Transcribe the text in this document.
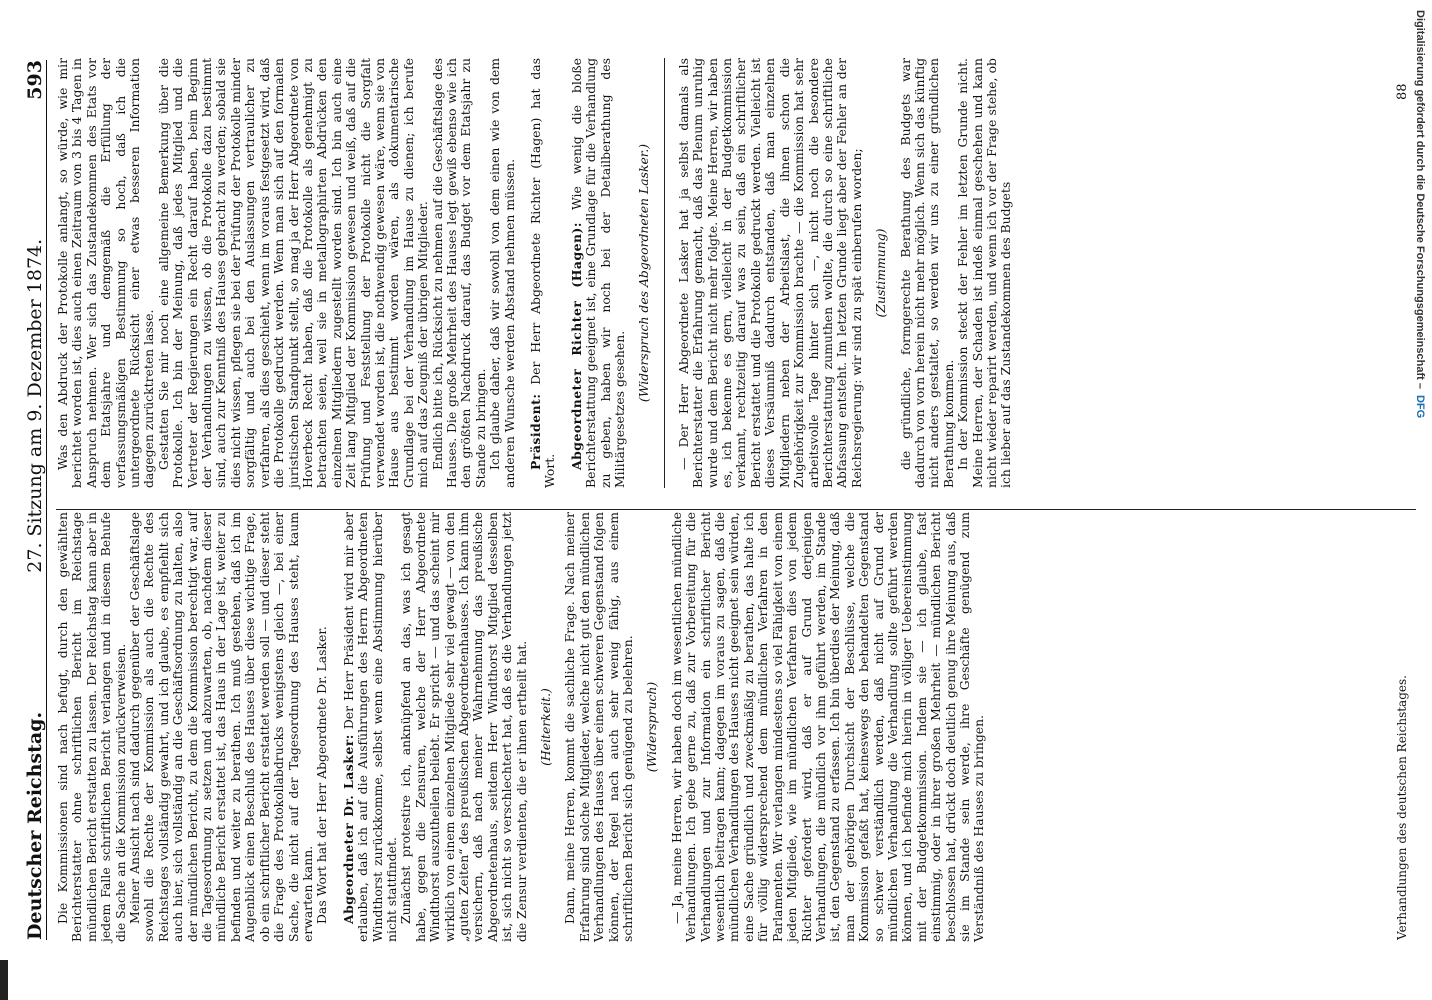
Deutscher Reichstag.
27. Sitzung am 9. Dezember 1874.
593

Die Kommissionen sind nach befugt, durch den gewählten Berichterstatter ohne schriftlichen Bericht im Reichstage mündlichen Bericht erstatten zu lassen. Der Reichstag kann aber in jedem Falle schriftlichen Bericht verlangen und in diesem Behufe die Sache an die Kommission zurückverweisen. Meiner Ansicht nach sind dadurch gegenüber der Geschäftslage sowohl die Rechte der Kommission als auch die Rechte des Reichstages vollständig gewahrt, und ich glaube, es empfiehlt sich auch hier, sich vollständig an die Geschäftsordnung zu halten, also der mündlichen Bericht, zu dem die Kommission berechtigt war, auf die Tagesordnung zu setzen und abzuwarten, ob, nachdem dieser mündliche Bericht erstattet ist, das Haus in der Lage ist, weiter zu befinden und weiter zu berathen. Ich muß gestehen, daß ich im Augenblick einen Beschluß des Hauses über diese wichtige Frage, ob ein schriftlicher Bericht erstattet werden soll — und dieser steht die Frage des Protokollabdrucks wenigstens gleich —, bei einer Sache, die nicht auf der Tagesordnung des Hauses steht, kaum erwarten kann. Das Wort hat der Herr Abgeordnete Dr. Lasker. Abgeordneter Dr. Lasker: Der Herr Präsident wird mir aber erlauben, daß ich auf die Ausführungen des Herrn Abgeordneten Windthorst zurückkomme, selbst wenn eine Abstimmung hierüber nicht stattfindet. Zunächst protestire ich, anknüpfend an das, was ich gesagt habe, gegen die Zensuren, welche der Herr Abgeordnete Windthorst auszutheilen beliebt. Er spricht — und das scheint mir wirklich von einem einzelnen Mitgliede sehr viel gewagt — von den „guten Zeiten“ des preußischen Abgeordnetenhauses. Ich kann ihm versichern, daß nach meiner Wahrnehmung das preußische Abgeordnetenhaus, seitdem Herr Windthorst Mitglied desselben ist, sich nicht so verschlechtert hat, daß es die Verhandlungen jetzt die Zensur verdienten, die er ihnen ertheilt hat. (Heiterkeit.) Dann, meine Herren, kommt die sachliche Frage. Nach meiner Erfahrung sind solche Mitglieder, welche nicht gut den mündlichen Verhandlungen des Hauses über einen schweren Gegenstand folgen können, der Regel nach auch sehr wenig fähig, aus einem schriftlichen Bericht sich genügend zu belehren. (Widerspruch) — Ja, meine Herren, wir haben doch im wesentlichen mündliche Verhandlungen. Ich gebe gerne zu, daß zur Vorbereitung für die Verhandlungen und zur Information ein schriftlicher Bericht wesentlich beitragen kann; dagegen im voraus zu sagen, daß die mündlichen Verhandlungen des Hauses nicht geeignet sein würden, eine Sache gründlich und zweckmäßig zu berathen, das halte ich für völlig widersprechend dem mündlichen Verfahren in den Parlamenten. Wir verlangen mindestens so viel Fähigkeit von einem jeden Mitgliede, wie im mündlichen Verfahren dies von jedem Richter gefordert wird, daß er auf Grund derjenigen Verhandlungen, die mündlich vor ihm geführt werden, im Stande ist, den Gegenstand zu erfassen. Ich bin überdies der Meinung, daß man der gehörigen Durchsicht der Beschlüsse, welche die Kommission gefaßt hat, keineswegs den behandelten Gegenstand so schwer verständlich werden, daß nicht auf Grund der mündlichen Verhandlung die Verhandlung sollte geführt werden können, und ich befinde mich hierin in völliger Uebereinstimmung mit der Budgetkommission. Indem sie — ich glaube, fast einstimmig, oder in ihrer großen Mehrheit — mündlichen Bericht beschlossen hat, drückt doch deutlich genug ihre Meinung aus, daß sie im Stande sein werde, ihre Geschäfte genügend zum Verständniß des Hauses zu bringen.

Was den Abdruck der Protokolle anlangt, so würde, wie mir berichtet worden ist, dies auch einen Zeitraum von 3 bis 4 Tagen in Anspruch nehmen. Wer sich das Zustandekommen des Etats vor dem Etatsjahre und demgemäß die Erfüllung der verfassungsmäßigen Bestimmung so hoch, daß ich die untergeordnete Rücksicht einer etwas besseren Information dagegen zurücktreten lasse. Gestatten Sie mir noch eine allgemeine Bemerkung über die Protokolle. Ich bin der Meinung, daß jedes Mitglied und die Vertreter der Regierungen ein Recht darauf haben, beim Beginn der Verhandlungen zu wissen, ob die Protokolle dazu bestimmt sind, auch zur Kenntniß des Hauses gebracht zu werden; sobald sie dies nicht wissen, pflegen sie bei der Prüfung der Protokolle minder sorgfältig und auch bei den Auslassungen vertraulicher zu verfahren, als dies geschieht, wenn im voraus festgesetzt wird, daß die Protokolle gedruckt werden. Wenn man sich auf den formalen juristischen Standpunkt stellt, so mag ja der Herr Abgeordnete von Hoverbeck Recht haben, daß die Protokolle als genehmigt zu betrachten seien, weil sie in metallographirten Abdrücken den einzelnen Mitgliedern zugestellt worden sind. Ich bin auch eine Zeit lang Mitglied der Kommission gewesen und weiß, daß auf die Prüfung und Feststellung der Protokolle nicht die Sorgfalt verwendet worden ist, die nothwendig gewesen wäre, wenn sie von Hause aus bestimmt worden wären, als dokumentarische Grundlage bei der Verhandlung im Hause zu dienen; ich berufe mich auf das Zeugniß der übrigen Mitglieder. Endlich bitte ich, Rücksicht zu nehmen auf die Geschäftslage des Hauses. Die große Mehrheit des Hauses legt gewiß ebenso wie ich den größten Nachdruck darauf, das Budget vor dem Etatsjahr zu Stande zu bringen. Ich glaube daher, daß wir sowohl von dem einen wie von dem anderen Wunsche werden Abstand nehmen müssen. Präsident: Der Herr Abgeordnete Richter (Hagen) hat das Wort.

Abgeordneter Richter (Hagen): Wie wenig die bloße Berichterstattung geeignet ist, eine Grundlage für die Verhandlung zu geben, haben wir noch bei der Detailberathung des Militärgesetzes gesehen.

(Widerspruch des Abgeordneten Lasker.) — Der Herr Abgeordnete Lasker hat ja selbst damals als Berichterstatter die Erfahrung gemacht, daß das Plenum unruhig wurde und dem Bericht nicht mehr folgte. Meine Herren, wir haben es, ich bekenne es gern, vielleicht in der Budgetkommission verkannt, rechtzeitig darauf was zu sein, daß ein schriftlicher Bericht erstattet und die Protokolle gedruckt werden. Vielleicht ist dieses Versäumniß dadurch entstanden, daß man einzelnen Mitgliedern neben der Arbeitslast, die ihnen schon die Zugehörigkeit zur Kommission brachte — die Kommission hat sehr arbeitsvolle Tage hinter sich —, nicht noch die besondere Berichterstattung zumuthen wollte, die durch so eine schriftliche Abfassung entsteht. Im letzten Grunde liegt aber der Fehler an der Reichsregierung: wir sind zu spät einberufen worden; (Zustimmung) die gründliche, formgerechte Berathung des Budgets war dadurch von vorn herein nicht mehr möglich. Wenn sich das künftig nicht anders gestaltet, so werden wir uns zu einer gründlichen Berathung kommen. In der Kommission steckt der Fehler im letzten Grunde nicht. Meine Herren, der Schaden ist indeß einmal geschehen und kann nicht wieder reparirt werden, und wenn ich vor der Frage stehe, ob ich lieber auf das Zustandekommen des Budgets

Verhandlungen des deutschen Reichstages.
88 Digitalisierung gefördert durch die Deutsche Forschungsgemeinschaft –DFG
